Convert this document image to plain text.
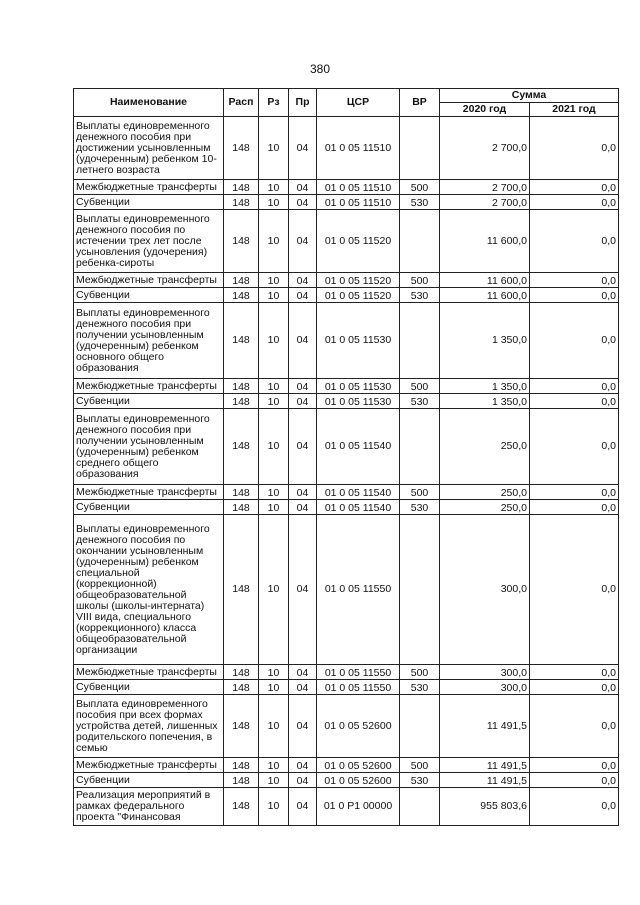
380
Наименование	Расп	Рз	Пр	ЦСР	ВР	Сумма	
						2020 год	2021 год
Выплаты единовременного денежного пособия при достижении усыновленным (удочеренным) ребенком 10-летнего возраста	148	10	04	01 0 05 11510		2 700,0	0,0
Межбюджетные трансферты	148	10	04	01 0 05 11510	500	2 700,0	0,0
Субвенции	148	10	04	01 0 05 11510	530	2 700,0	0,0
Выплаты единовременного денежного пособия по истечении трех лет после усыновления (удочерения) ребенка-сироты	148	10	04	01 0 05 11520		11 600,0	0,0
Межбюджетные трансферты	148	10	04	01 0 05 11520	500	11 600,0	0,0
Субвенции	148	10	04	01 0 05 11520	530	11 600,0	0,0
Выплаты единовременного денежного пособия при получении усыновленным (удочеренным) ребенком основного общего образования	148	10	04	01 0 05 11530		1 350,0	0,0
Межбюджетные трансферты	148	10	04	01 0 05 11530	500	1 350,0	0,0
Субвенции	148	10	04	01 0 05 11530	530	1 350,0	0,0
Выплаты единовременного денежного пособия при получении усыновленным (удочеренным) ребенком среднего общего образования	148	10	04	01 0 05 11540		250,0	0,0
Межбюджетные трансферты	148	10	04	01 0 05 11540	500	250,0	0,0
Субвенции	148	10	04	01 0 05 11540	530	250,0	0,0
Выплаты единовременного денежного пособия по окончании усыновленным (удочеренным) ребенком специальной (коррекционной) общеобразовательной школы (школы-интерната) VIII вида, специального (коррекционного) класса общеобразовательной организации	148	10	04	01 0 05 11550		300,0	0,0
Межбюджетные трансферты	148	10	04	01 0 05 11550	500	300,0	0,0
Субвенции	148	10	04	01 0 05 11550	530	300,0	0,0
Выплата единовременного пособия при всех формах устройства детей, лишенных родительского попечения, в семью	148	10	04	01 0 05 52600		11 491,5	0,0
Межбюджетные трансферты	148	10	04	01 0 05 52600	500	11 491,5	0,0
Субвенции	148	10	04	01 0 05 52600	530	11 491,5	0,0
Реализация мероприятий в рамках федерального проекта "Финансовая	148	10	04	01 0 P1 00000		955 803,6	0,0
